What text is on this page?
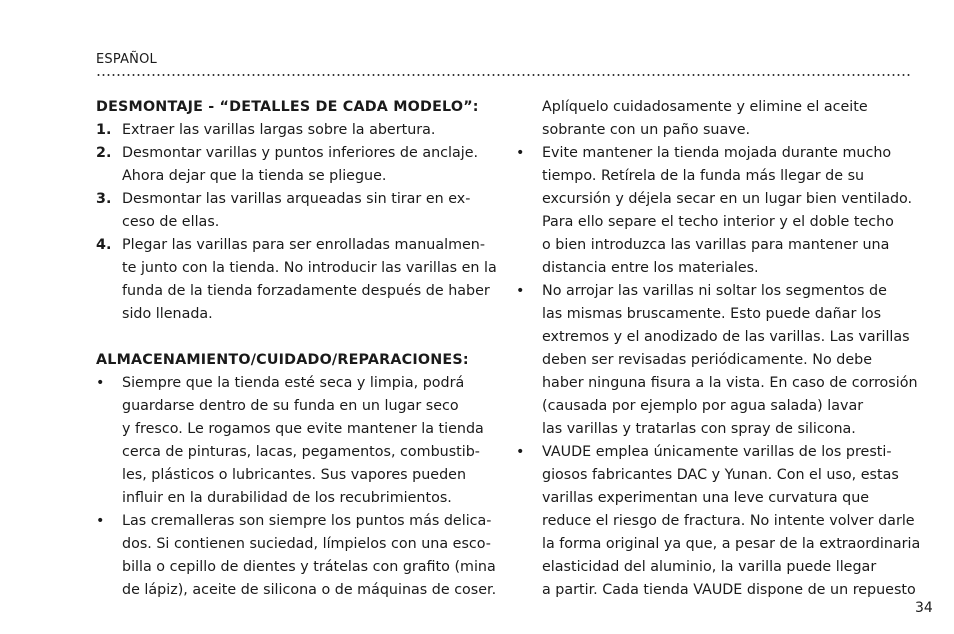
ESPAÑOL
DESMONTAJE - “DETALLES DE CADA MODELO”:
1. Extraer las varillas largas sobre la abertura.
2. Desmontar varillas y puntos inferiores de anclaje.
Ahora dejar que la tienda se pliegue.
3. Desmontar las varillas arqueadas sin tirar en ex-
ceso de ellas.
4. Plegar las varillas para ser enrolladas manualmen-
te junto con la tienda. No introducir las varillas en la
funda de la tienda forzadamente después de haber
sido llenada.
ALMACENAMIENTO/CUIDADO/REPARACIONES:
• Siempre que la tienda esté seca y limpia, podrá
guardarse dentro de su funda en un lugar seco
y fresco. Le rogamos que evite mantener la tienda
cerca de pinturas, lacas, pegamentos, combustib-
les, plásticos o lubricantes. Sus vapores pueden
influir en la durabilidad de los recubrimientos.
• Las cremalleras son siempre los puntos más delica-
dos. Si contienen suciedad, límpielos con una esco-
billa o cepillo de dientes y trátelas con grafito (mina
de lápiz), aceite de silicona o de máquinas de coser.
Aplíquelo cuidadosamente y elimine el aceite
sobrante con un paño suave.
• Evite mantener la tienda mojada durante mucho
tiempo. Retírela de la funda más llegar de su
excursión y déjela secar en un lugar bien ventilado.
Para ello separe el techo interior y el doble techo
o bien introduzca las varillas para mantener una
distancia entre los materiales.
• No arrojar las varillas ni soltar los segmentos de
las mismas bruscamente. Esto puede dañar los
extremos y el anodizado de las varillas. Las varillas
deben ser revisadas periódicamente. No debe
haber ninguna fisura a la vista. En caso de corrosión
(causada por ejemplo por agua salada) lavar
las varillas y tratarlas con spray de silicona.
• VAUDE emplea únicamente varillas de los presti-
giosos fabricantes DAC y Yunan. Con el uso, estas
varillas experimentan una leve curvatura que
reduce el riesgo de fractura. No intente volver darle
la forma original ya que, a pesar de la extraordinaria
elasticidad del aluminio, la varilla puede llegar
a partir. Cada tienda VAUDE dispone de un repuesto
34
